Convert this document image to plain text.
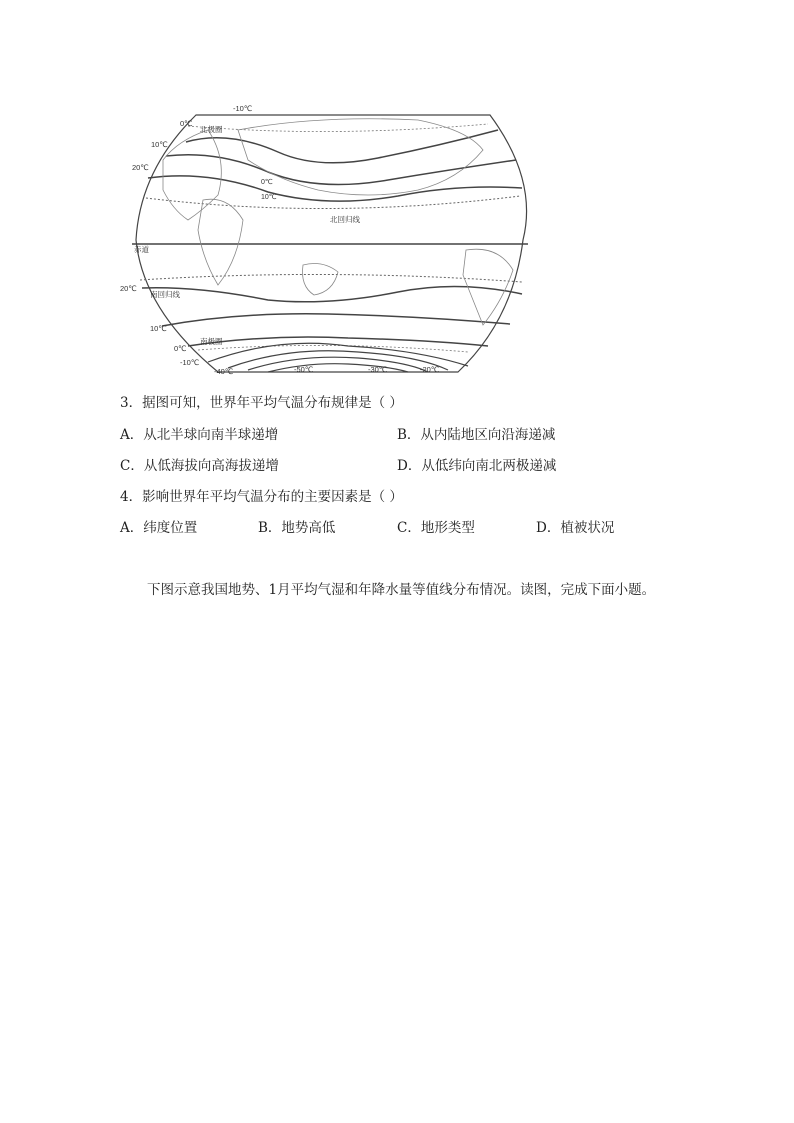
-10℃
0℃
10℃
20℃
北极圈
0℃
10℃
北回归线
赤道
20℃
南回归线
10℃
南极圈
0℃
-10℃
-40℃	-50℃	-30℃	-20℃
3．据图可知，世界年平均气温分布规律是（ ）
A．从北半球向南半球递增	B．从内陆地区向沿海递减
C．从低海拔向高海拔递增	D．从低纬向南北两极递减
4．影响世界年平均气温分布的主要因素是（ ）
A．纬度位置	B．地势高低	C．地形类型	D．植被状况
下图示意我国地势、1月平均气湿和年降水量等值线分布情况。读图，完成下面小题。
